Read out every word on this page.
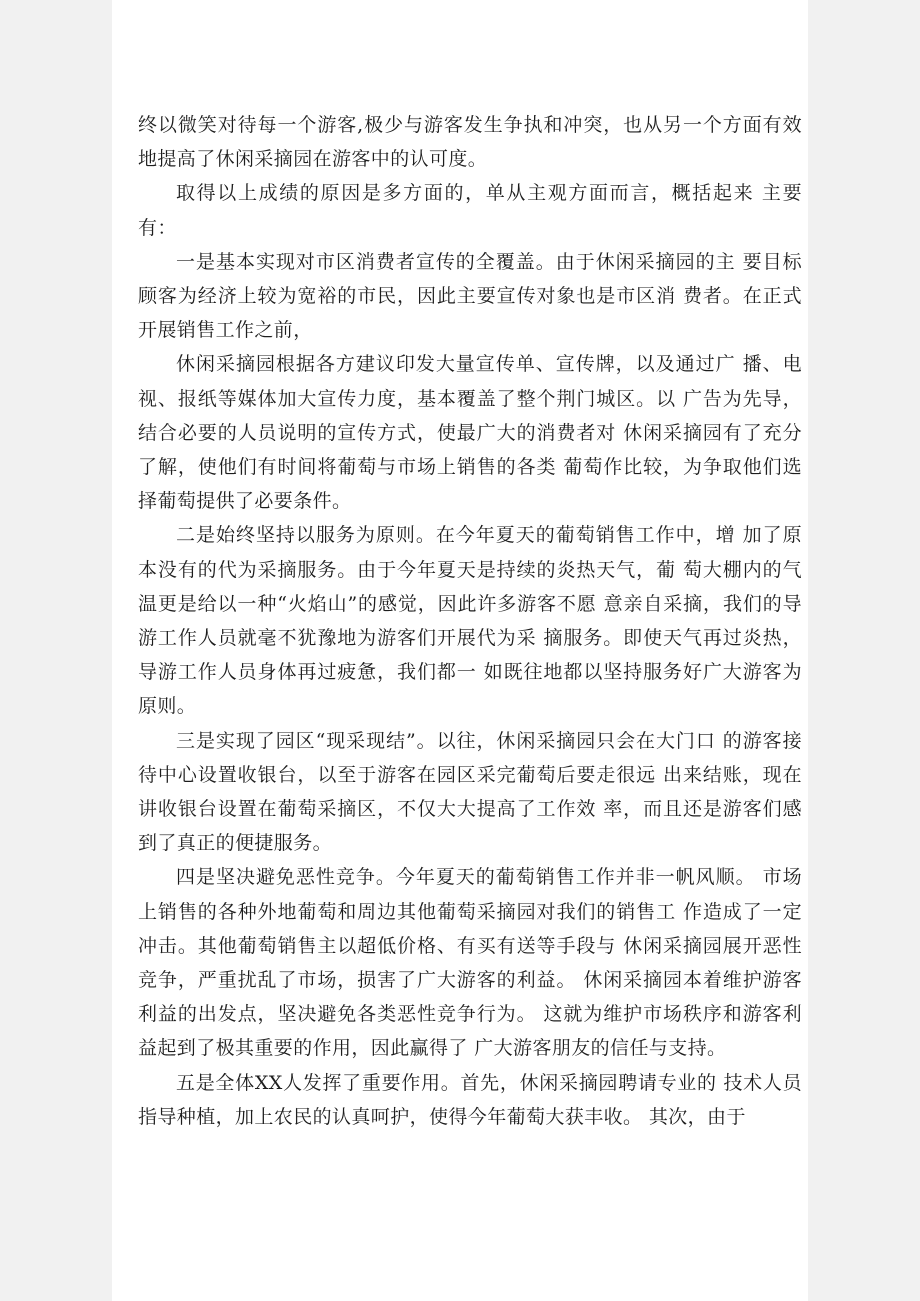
终以微笑对待每一个游客,极少与游客发生争执和冲突，也从另一个方面有效地提高了休闲采摘园在游客中的认可度。

取得以上成绩的原因是多方面的，单从主观方面而言，概括起来 主要有：

一是基本实现对市区消费者宣传的全覆盖。由于休闲采摘园的主 要目标顾客为经济上较为宽裕的市民，因此主要宣传对象也是市区消 费者。在正式开展销售工作之前，

休闲采摘园根据各方建议印发大量宣传单、宣传牌，以及通过广 播、电视、报纸等媒体加大宣传力度，基本覆盖了整个荆门城区。以 广告为先导，结合必要的人员说明的宣传方式，使最广大的消费者对 休闲采摘园有了充分了解，使他们有时间将葡萄与市场上销售的各类 葡萄作比较，为争取他们选择葡萄提供了必要条件。

二是始终坚持以服务为原则。在今年夏天的葡萄销售工作中，增 加了原本没有的代为采摘服务。由于今年夏天是持续的炎热天气，葡 萄大棚内的气温更是给以一种“火焰山”的感觉，因此许多游客不愿 意亲自采摘，我们的导游工作人员就毫不犹豫地为游客们开展代为采 摘服务。即使天气再过炎热，导游工作人员身体再过疲惫，我们都一 如既往地都以坚持服务好广大游客为原则。

三是实现了园区“现采现结”。以往，休闲采摘园只会在大门口 的游客接待中心设置收银台，以至于游客在园区采完葡萄后要走很远 出来结账，现在讲收银台设置在葡萄采摘区，不仅大大提高了工作效 率，而且还是游客们感到了真正的便捷服务。

四是坚决避免恶性竞争。今年夏天的葡萄销售工作并非一帆风顺。 市场上销售的各种外地葡萄和周边其他葡萄采摘园对我们的销售工 作造成了一定冲击。其他葡萄销售主以超低价格、有买有送等手段与 休闲采摘园展开恶性竞争，严重扰乱了市场，损害了广大游客的利益。 休闲采摘园本着维护游客利益的出发点，坚决避免各类恶性竞争行为。 这就为维护市场秩序和游客利益起到了极其重要的作用，因此赢得了 广大游客朋友的信任与支持。

五是全体XX人发挥了重要作用。首先，休闲采摘园聘请专业的 技术人员指导种植，加上农民的认真呵护，使得今年葡萄大获丰收。 其次，由于
